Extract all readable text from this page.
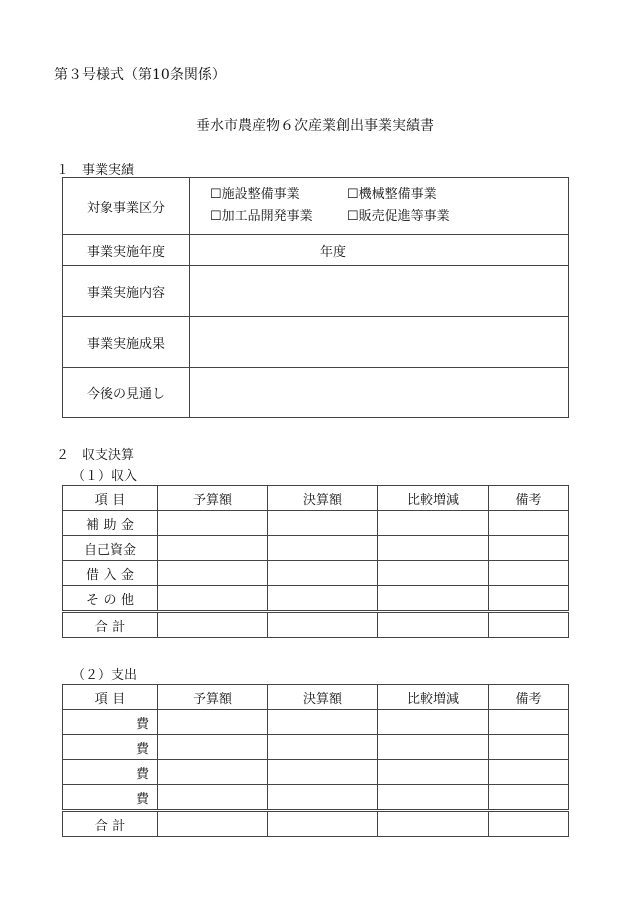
第３号様式（第10条関係）
垂水市農産物６次産業創出事業実績書
１　事業実績
対象事業区分	☐施設整備事業 ☐機械整備事業
☐加工品開発事業 ☐販売促進等事業

事業実施年度	年度
事業実施内容	
事業実施成果	
今後の見通し	
２　収支決算
（１）収入
項目	予算額	決算額	比較増減	備考
補助金				
自己資金				
借入金				
その他				
合計				
（２）支出
項目	予算額	決算額	比較増減	備考
費				
費				
費				
費				
合計				
